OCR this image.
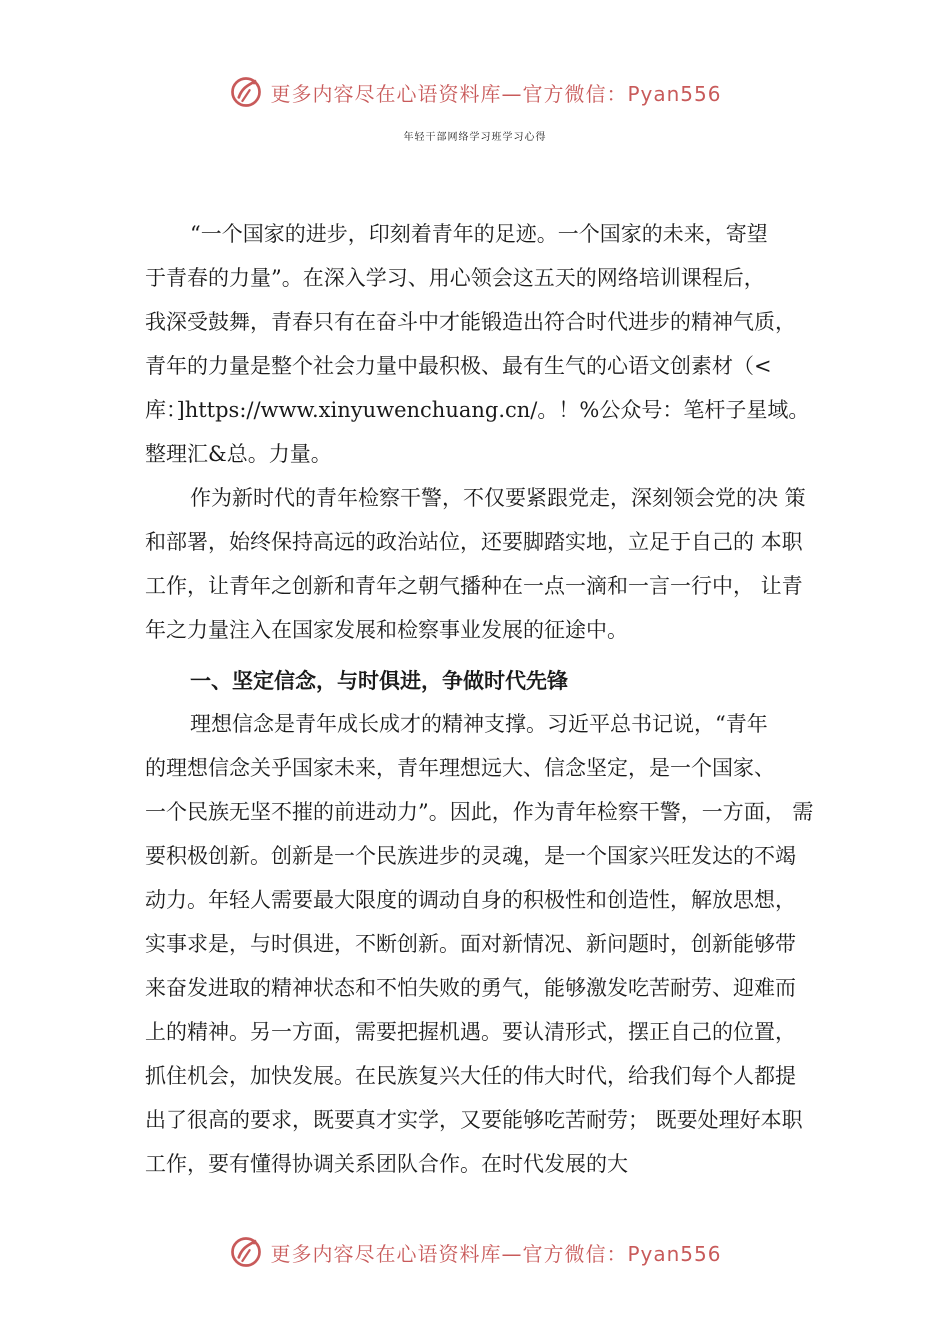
更多内容尽在心语资料库—官方微信：Pyan556
年轻干部网络学习班学习心得
“一个国家的进步，印刻着青年的足迹。一个国家的未来，寄望
于青春的力量”。在深入学习、用心领会这五天的网络培训课程后，
我深受鼓舞，青春只有在奋斗中才能锻造出符合时代进步的精神气质，
青年的力量是整个社会力量中最积极、最有生气的心语文创素材（<
库：]https://www.xinyuwenchuang.cn/。！%公众号：笔杆子星域。
整理汇&总。力量。
作为新时代的青年检察干警，不仅要紧跟党走，深刻领会党的决 策
和部署，始终保持高远的政治站位，还要脚踏实地，立足于自己的 本职
工作，让青年之创新和青年之朝气播种在一点一滴和一言一行中， 让青
年之力量注入在国家发展和检察事业发展的征途中。
一、坚定信念，与时俱进，争做时代先锋
理想信念是青年成长成才的精神支撑。习近平总书记说，“青年
的理想信念关乎国家未来，青年理想远大、信念坚定，是一个国家、
一个民族无坚不摧的前进动力”。因此，作为青年检察干警，一方面， 需
要积极创新。创新是一个民族进步的灵魂，是一个国家兴旺发达的不竭
动力。年轻人需要最大限度的调动自身的积极性和创造性，解放思想，
实事求是，与时俱进，不断创新。面对新情况、新问题时，创新能够带
来奋发进取的精神状态和不怕失败的勇气，能够激发吃苦耐劳、迎难而
上的精神。另一方面，需要把握机遇。要认清形式，摆正自己的位置，
抓住机会，加快发展。在民族复兴大任的伟大时代，给我们每个人都提
出了很高的要求，既要真才实学，又要能够吃苦耐劳； 既要处理好本职
工作，要有懂得协调关系团队合作。在时代发展的大
更多内容尽在心语资料库—官方微信：Pyan556
